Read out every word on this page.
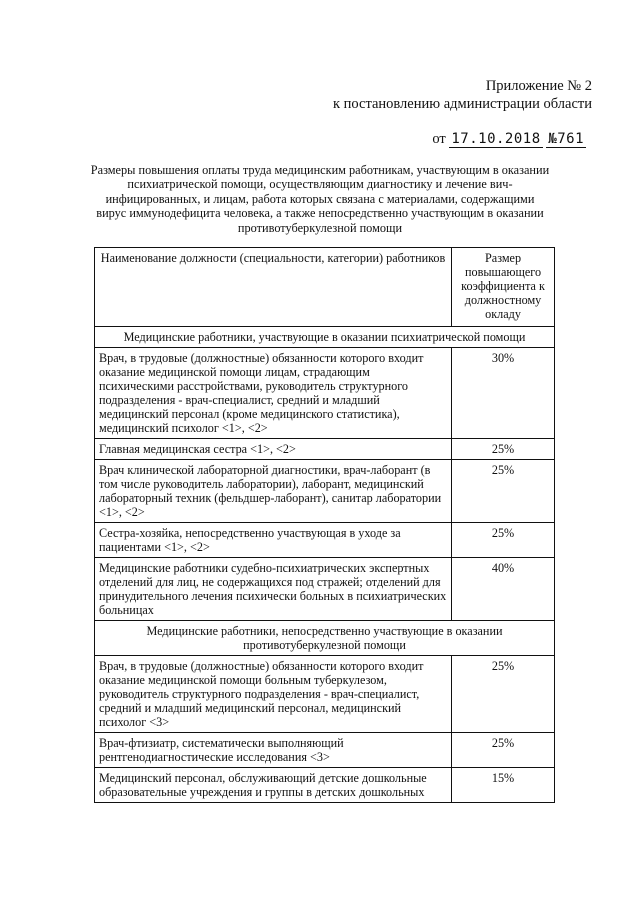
Приложение № 2
к постановлению администрации области
от 17.10.2018 №761
Размеры повышения оплаты труда медицинским работникам, участвующим в оказании психиатрической помощи, осуществляющим диагностику и лечение вич-инфицированных, и лицам, работа которых связана с материалами, содержащими вирус иммунодефицита человека, а также непосредственно участвующим в оказании противотуберкулезной помощи
Наименование должности (специальности, категории) работников	Размер повышающего коэффициента к должностному окладу
Медицинские работники, участвующие в оказании психиатрической помощи	
Врач, в трудовые (должностные) обязанности которого входит оказание медицинской помощи лицам, страдающим психическими расстройствами, руководитель структурного подразделения - врач-специалист, средний и младший медицинский персонал (кроме медицинского статистика), медицинский психолог <1>, <2>	30%
Главная медицинская сестра <1>, <2>	25%
Врач клинической лабораторной диагностики, врач-лаборант (в том числе руководитель лаборатории), лаборант, медицинский лабораторный техник (фельдшер-лаборант), санитар лаборатории <1>, <2>	25%
Сестра-хозяйка, непосредственно участвующая в уходе за пациентами <1>, <2>	25%
Медицинские работники судебно-психиатрических экспертных отделений для лиц, не содержащихся под стражей; отделений для принудительного лечения психически больных в психиатрических больницах	40%
Медицинские работники, непосредственно участвующие в оказании противотуберкулезной помощи	
Врач, в трудовые (должностные) обязанности которого входит оказание медицинской помощи больным туберкулезом, руководитель структурного подразделения - врач-специалист, средний и младший медицинский персонал, медицинский психолог <3>	25%
Врач-фтизиатр, систематически выполняющий рентгенодиагностические исследования <3>	25%
Медицинский персонал, обслуживающий детские дошкольные образовательные учреждения и группы в детских дошкольных	15%
